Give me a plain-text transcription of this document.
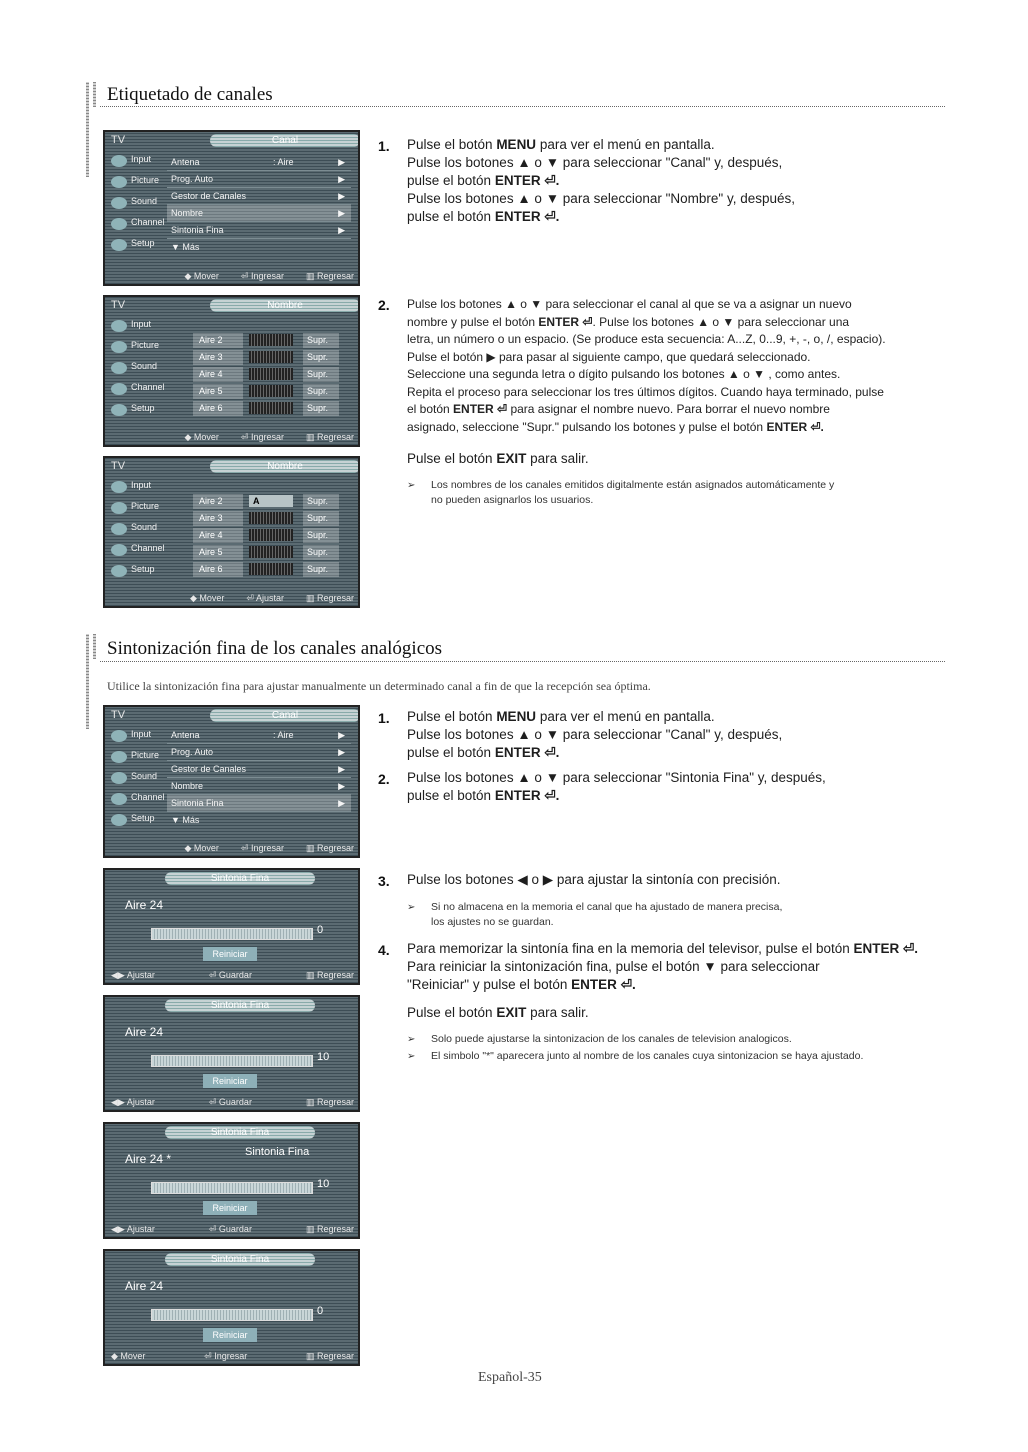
Etiquetado de canales
TV	Canal
Input
Picture
Sound
Channel
Setup
Antena	: Aire	▶
Prog. Auto	▶
Gestor de Canales	▶
Nombre	▶
Sintonia Fina	▶
▼ Más
◆ Mover ⏎ Ingresar ▥ Regresar
TV	Nombre
Input
Picture
Sound
Channel
Setup
Aire 2	Supr.
Aire 3	Supr.
Aire 4	Supr.
Aire 5	Supr.
Aire 6	Supr.
◆ Mover ⏎ Ingresar ▥ Regresar
TV	Nombre
Input
Picture
Sound
Channel
Setup
Aire 2	A	Supr.
Aire 3	Supr.
Aire 4	Supr.
Aire 5	Supr.
Aire 6	Supr.
◆ Mover ⏎ Ajustar ▥ Regresar
1. Pulse el botón MENU para ver el menú en pantalla.

Pulse los botones ▲ o ▼ para seleccionar "Canal" y, después,

pulse el botón ENTER ⏎.

Pulse los botones ▲ o ▼ para seleccionar "Nombre" y, después,

pulse el botón ENTER ⏎.

2. Pulse los botones ▲ o ▼ para seleccionar el canal al que se va a asignar un nuevo

nombre y pulse el botón ENTER ⏎. Pulse los botones ▲ o ▼ para seleccionar una

letra, un número o un espacio. (Se produce esta secuencia: A...Z, 0...9, +, -, o, /, espacio).

Pulse el botón ▶ para pasar al siguiente campo, que quedará seleccionado.

Seleccione una segunda letra o dígito pulsando los botones ▲ o ▼ , como antes.

Repita el proceso para seleccionar los tres últimos dígitos. Cuando haya terminado, pulse

el botón ENTER ⏎ para asignar el nombre nuevo. Para borrar el nuevo nombre

asignado, seleccione "Supr." pulsando los botones y pulse el botón ENTER ⏎.

Pulse el botón EXIT para salir.
➢ Los nombres de los canales emitidos digitalmente están asignados automáticamente y

no pueden asignarlos los usuarios.

Sintonización fina de los canales analógicos
Utilice la sintonización fina para ajustar manualmente un determinado canal a fin de que la recepción sea óptima.
TV	Canal
Input
Picture
Sound
Channel
Setup
Antena	: Aire	▶
Prog. Auto	▶
Gestor de Canales	▶
Nombre	▶
Sintonia Fina	▶
▼ Más
◆ Mover ⏎ Ingresar ▥ Regresar
Sintonia Fina
Aire 24
0
Reiniciar
◀▶ Ajustar	⏎ Guardar	▥ Regresar
Sintonia Fina
Aire 24
10
Reiniciar
◀▶ Ajustar	⏎ Guardar	▥ Regresar
Sintonia Fina
Aire 24 *	Sintonia Fina
10
Reiniciar
◀▶ Ajustar	⏎ Guardar	▥ Regresar
Sintonia Fina
Aire 24
0
Reiniciar
◆ Mover	⏎ Ingresar	▥ Regresar
1. Pulse el botón MENU para ver el menú en pantalla.

Pulse los botones ▲ o ▼ para seleccionar "Canal" y, después,

pulse el botón ENTER ⏎.

2. Pulse los botones ▲ o ▼ para seleccionar "Sintonia Fina" y, después,

pulse el botón ENTER ⏎.

3. Pulse los botones ◀ o ▶ para ajustar la sintonía con precisión.
➢ Si no almacena en la memoria el canal que ha ajustado de manera precisa,

los ajustes no se guardan.

4. Para memorizar la sintonía fina en la memoria del televisor, pulse el botón ENTER ⏎.

Para reiniciar la sintonización fina, pulse el botón ▼ para seleccionar

"Reiniciar" y pulse el botón ENTER ⏎.

Pulse el botón EXIT para salir.
➢ Solo puede ajustarse la sintonizacion de los canales de television analogicos.

➢ El simbolo "*" aparecera junto al nombre de los canales cuya sintonizacion se haya ajustado.

Español-35
